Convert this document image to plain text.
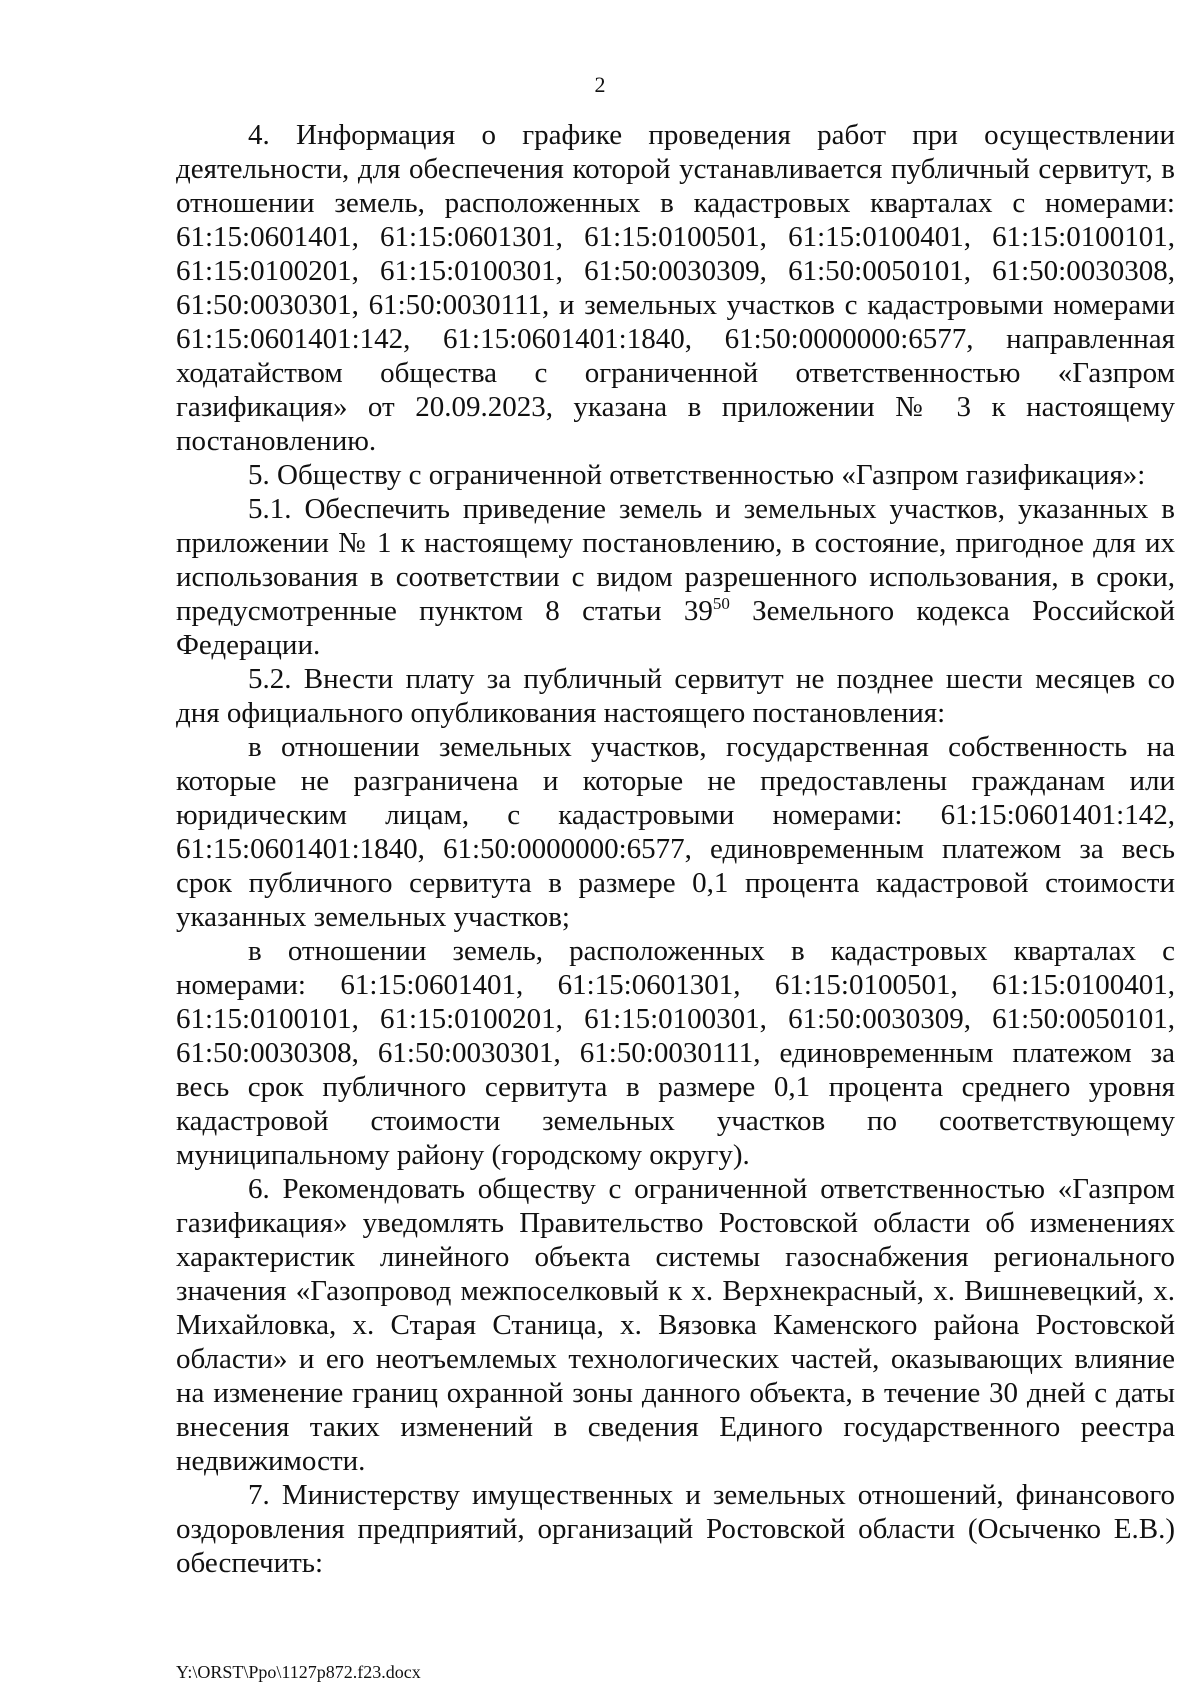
2

4. Информация о графике проведения работ при осуществлении деятельности, для обеспечения которой устанавливается публичный сервитут, в отношении земель, расположенных в кадастровых кварталах с номерами: 61:15:0601401, 61:15:0601301, 61:15:0100501, 61:15:0100401, 61:15:0100101, 61:15:0100201, 61:15:0100301, 61:50:0030309, 61:50:0050101, 61:50:0030308, 61:50:0030301, 61:50:0030111, и земельных участков с кадастровыми номерами 61:15:0601401:142, 61:15:0601401:1840, 61:50:0000000:6577, направленная ходатайством общества с ограниченной ответственностью «Газпром газификация» от 20.09.2023, указана в приложении № 3 к настоящему постановлению.

5. Обществу с ограниченной ответственностью «Газпром газификация»:

5.1. Обеспечить приведение земель и земельных участков, указанных в приложении № 1 к настоящему постановлению, в состояние, пригодное для их использования в соответствии с видом разрешенного использования, в сроки, предусмотренные пунктом 8 статьи $39^{50}$ Земельного кодекса Российской Федерации.

5.2. Внести плату за публичный сервитут не позднее шести месяцев со дня официального опубликования настоящего постановления:

в отношении земельных участков, государственная собственность на которые не разграничена и которые не предоставлены гражданам или юридическим лицам, с кадастровыми номерами: 61:15:0601401:142, 61:15:0601401:1840, 61:50:0000000:6577, единовременным платежом за весь срок публичного сервитута в размере 0,1 процента кадастровой стоимости указанных земельных участков;

в отношении земель, расположенных в кадастровых кварталах с номерами: 61:15:0601401, 61:15:0601301, 61:15:0100501, 61:15:0100401, 61:15:0100101, 61:15:0100201, 61:15:0100301, 61:50:0030309, 61:50:0050101, 61:50:0030308, 61:50:0030301, 61:50:0030111, единовременным платежом за весь срок публичного сервитута в размере 0,1 процента среднего уровня кадастровой стоимости земельных участков по соответствующему муниципальному району (городскому округу).

6. Рекомендовать обществу с ограниченной ответственностью «Газпром газификация» уведомлять Правительство Ростовской области об изменениях характеристик линейного объекта системы газоснабжения регионального значения «Газопровод межпоселковый к х. Верхнекрасный, х. Вишневецкий, х. Михайловка, х. Старая Станица, х. Вязовка Каменского района Ростовской области» и его неотъемлемых технологических частей, оказывающих влияние на изменение границ охранной зоны данного объекта, в течение 30 дней с даты внесения таких изменений в сведения Единого государственного реестра недвижимости.

7. Министерству имущественных и земельных отношений, финансового оздоровления предприятий, организаций Ростовской области (Осыченко Е.В.) обеспечить:

Y:\ORST\Ppo\1127p872.f23.docx
